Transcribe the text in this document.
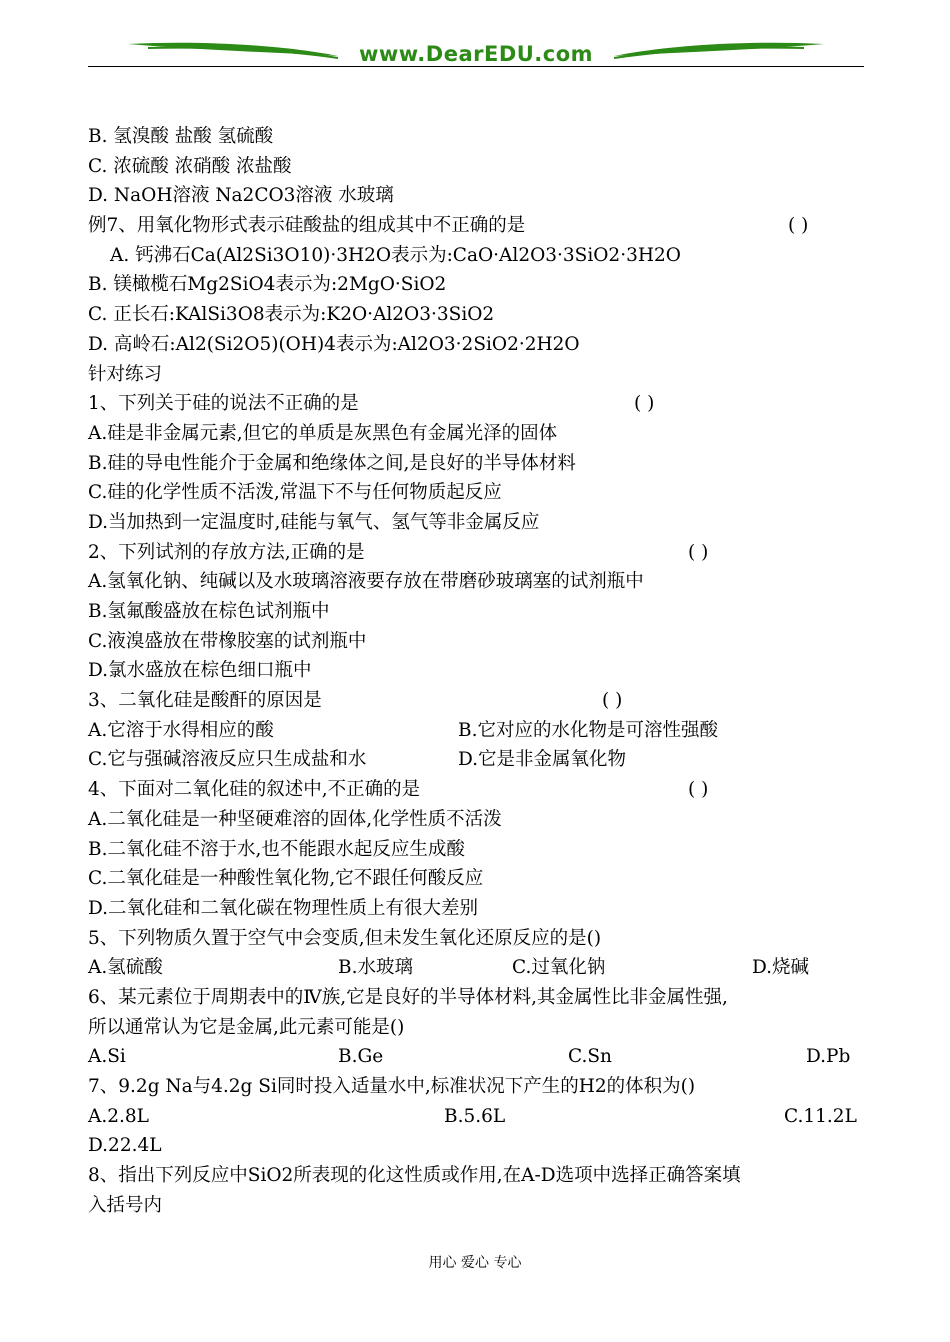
www.DearEDU.com
B. 氢溴酸 盐酸 氢硫酸
C. 浓硫酸 浓硝酸 浓盐酸
D. NaOH溶液 Na2CO3溶液 水玻璃
例7、用氧化物形式表示硅酸盐的组成其中不正确的是	( )
A. 钙沸石Ca(Al2Si3O10)·3H2O表示为:CaO·Al2O3·3SiO2·3H2O
B. 镁橄榄石Mg2SiO4表示为:2MgO·SiO2
C. 正长石:KAlSi3O8表示为:K2O·Al2O3·3SiO2
D. 高岭石:Al2(Si2O5)(OH)4表示为:Al2O3·2SiO2·2H2O
针对练习
1、下列关于硅的说法不正确的是	( )
A.硅是非金属元素,但它的单质是灰黑色有金属光泽的固体
B.硅的导电性能介于金属和绝缘体之间,是良好的半导体材料
C.硅的化学性质不活泼,常温下不与任何物质起反应
D.当加热到一定温度时,硅能与氧气、氢气等非金属反应
2、下列试剂的存放方法,正确的是	( )
A.氢氧化钠、纯碱以及水玻璃溶液要存放在带磨砂玻璃塞的试剂瓶中
B.氢氟酸盛放在棕色试剂瓶中
C.液溴盛放在带橡胶塞的试剂瓶中
D.氯水盛放在棕色细口瓶中
3、二氧化硅是酸酐的原因是	( )
A.它溶于水得相应的酸	B.它对应的水化物是可溶性强酸
C.它与强碱溶液反应只生成盐和水	D.它是非金属氧化物
4、下面对二氧化硅的叙述中,不正确的是	( )
A.二氧化硅是一种坚硬难溶的固体,化学性质不活泼
B.二氧化硅不溶于水,也不能跟水起反应生成酸
C.二氧化硅是一种酸性氧化物,它不跟任何酸反应
D.二氧化硅和二氧化碳在物理性质上有很大差别
5、下列物质久置于空气中会变质,但未发生氧化还原反应的是()
A.氢硫酸	B.水玻璃	C.过氧化钠	D.烧碱
6、某元素位于周期表中的Ⅳ族,它是良好的半导体材料,其金属性比非金属性强,
所以通常认为它是金属,此元素可能是()
A.Si	B.Ge	C.Sn	D.Pb
7、9.2g Na与4.2g Si同时投入适量水中,标准状况下产生的H2的体积为()
A.2.8L	B.5.6L	C.11.2L
D.22.4L
8、指出下列反应中SiO2所表现的化这性质或作用,在A-D选项中选择正确答案填
入括号内
用心 爱心 专心
